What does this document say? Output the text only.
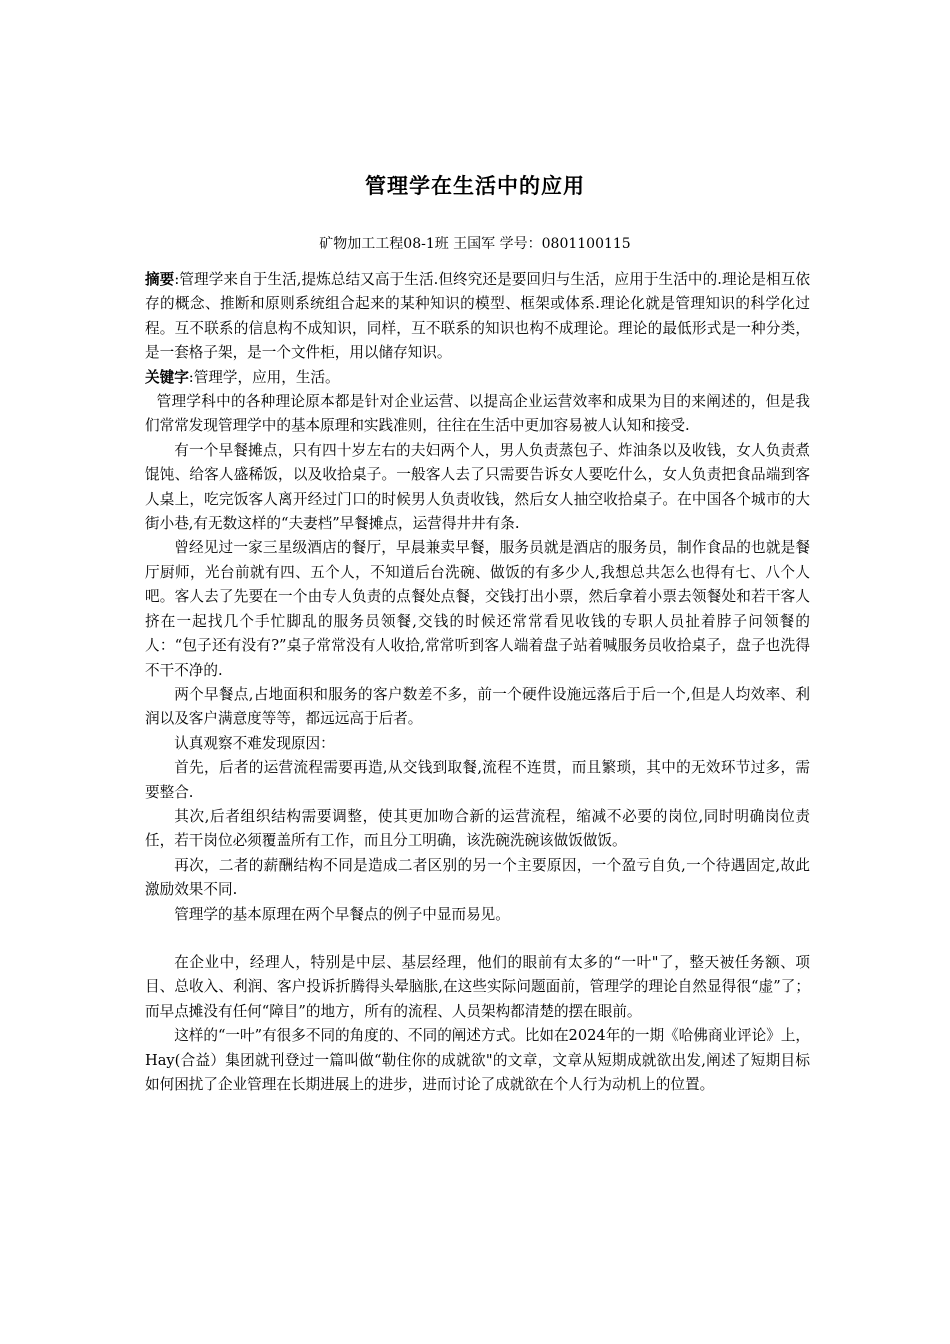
管理学在生活中的应用
矿物加工工程08-1班 王国军 学号：0801100115

摘要:管理学来自于生活,提炼总结又高于生活.但终究还是要回归与生活，应用于生活中的.理论是相互依存的概念、推断和原则系统组合起来的某种知识的模型、框架或体系.理论化就是管理知识的科学化过程。互不联系的信息构不成知识，同样，互不联系的知识也构不成理论。理论的最低形式是一种分类，是一套格子架，是一个文件柜，用以储存知识。

关键字:管理学，应用，生活。

管理学科中的各种理论原本都是针对企业运营、以提高企业运营效率和成果为目的来阐述的，但是我们常常发现管理学中的基本原理和实践准则，往往在生活中更加容易被人认知和接受.

有一个早餐摊点，只有四十岁左右的夫妇两个人，男人负责蒸包子、炸油条以及收钱，女人负责煮馄饨、给客人盛稀饭，以及收拾桌子。一般客人去了只需要告诉女人要吃什么，女人负责把食品端到客人桌上，吃完饭客人离开经过门口的时候男人负责收钱，然后女人抽空收拾桌子。在中国各个城市的大街小巷,有无数这样的“夫妻档”早餐摊点，运营得井井有条.

曾经见过一家三星级酒店的餐厅，早晨兼卖早餐，服务员就是酒店的服务员，制作食品的也就是餐厅厨师，光台前就有四、五个人，不知道后台洗碗、做饭的有多少人,我想总共怎么也得有七、八个人吧。客人去了先要在一个由专人负责的点餐处点餐，交钱打出小票，然后拿着小票去领餐处和若干客人挤在一起找几个手忙脚乱的服务员领餐,交钱的时候还常常看见收钱的专职人员扯着脖子问领餐的人：“包子还有没有?”桌子常常没有人收拾,常常听到客人端着盘子站着喊服务员收拾桌子，盘子也洗得不干不净的.

两个早餐点,占地面积和服务的客户数差不多，前一个硬件设施远落后于后一个,但是人均效率、利润以及客户满意度等等，都远远高于后者。

认真观察不难发现原因：

首先，后者的运营流程需要再造,从交钱到取餐,流程不连贯，而且繁琐，其中的无效环节过多，需要整合.

其次,后者组织结构需要调整，使其更加吻合新的运营流程，缩减不必要的岗位,同时明确岗位责任，若干岗位必须覆盖所有工作，而且分工明确，该洗碗洗碗该做饭做饭。

再次，二者的薪酬结构不同是造成二者区别的另一个主要原因，一个盈亏自负,一个待遇固定,故此激励效果不同.

管理学的基本原理在两个早餐点的例子中显而易见。

在企业中，经理人，特别是中层、基层经理，他们的眼前有太多的“一叶"了，整天被任务额、项目、总收入、利润、客户投诉折腾得头晕脑胀,在这些实际问题面前，管理学的理论自然显得很“虚”了；而早点摊没有任何“障目”的地方，所有的流程、人员架构都清楚的摆在眼前。

这样的“一叶”有很多不同的角度的、不同的阐述方式。比如在2024年的一期《哈佛商业评论》上，Hay(合益）集团就刊登过一篇叫做“勒住你的成就欲"的文章，文章从短期成就欲出发,阐述了短期目标如何困扰了企业管理在长期进展上的进步，进而讨论了成就欲在个人行为动机上的位置。
